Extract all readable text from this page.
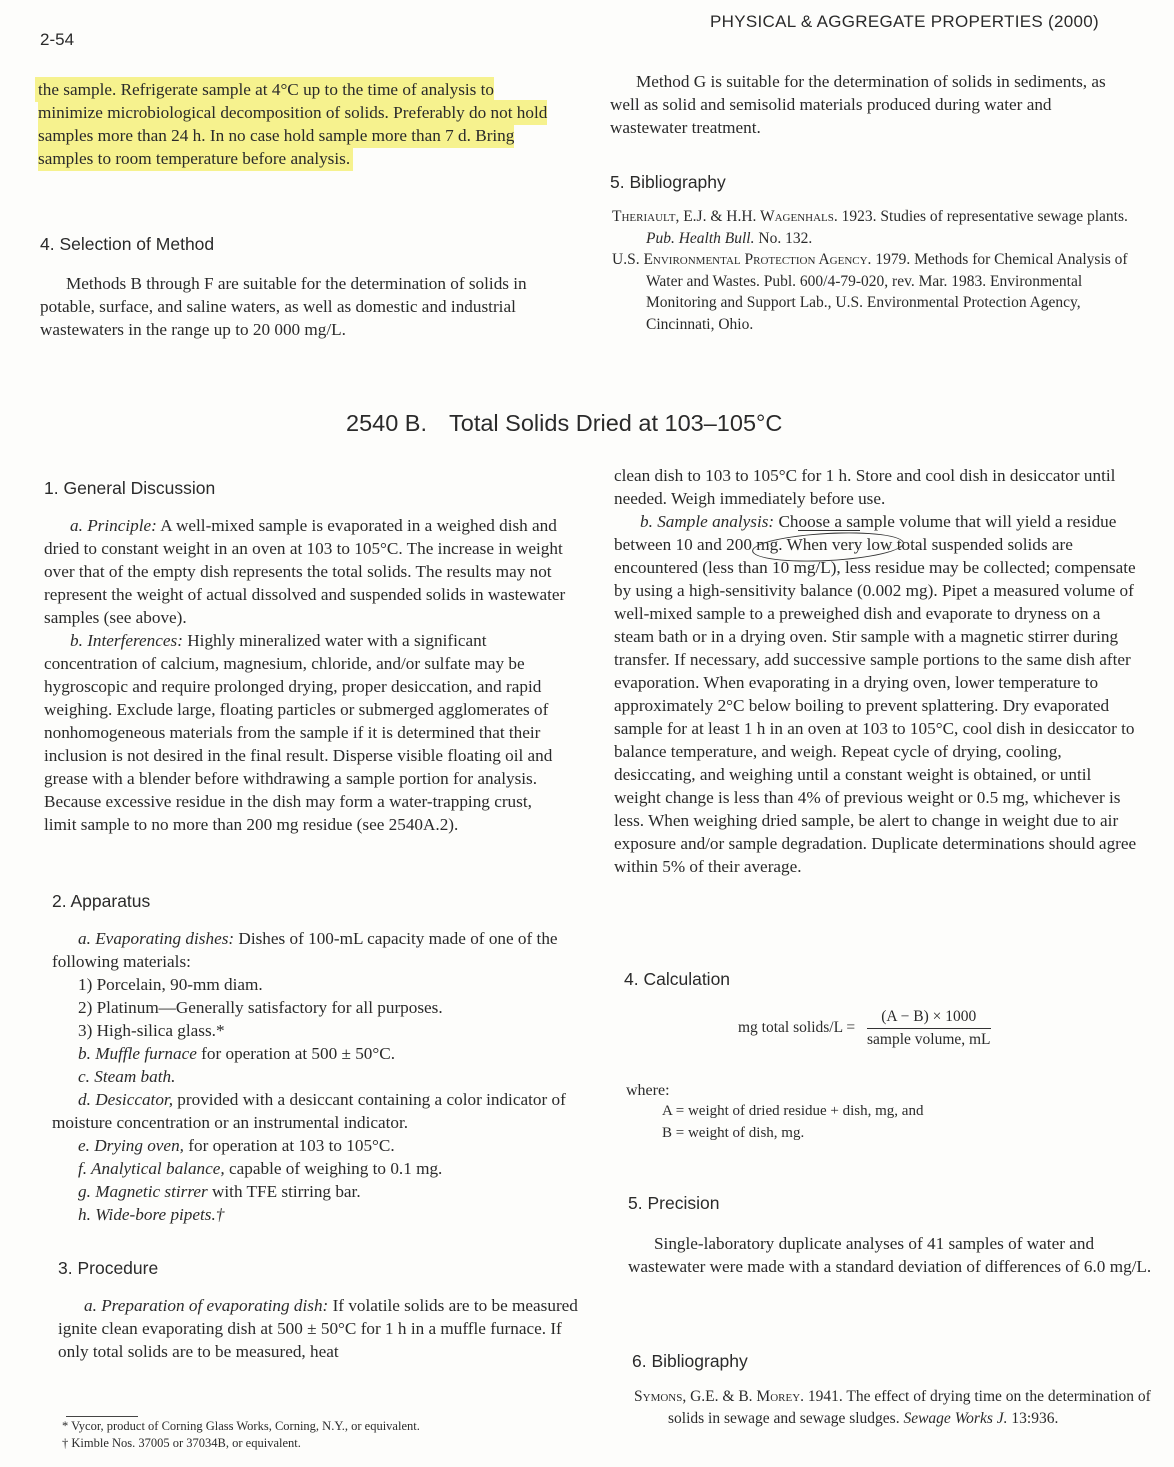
2-54
PHYSICAL & AGGREGATE PROPERTIES (2000)

the sample. Refrigerate sample at 4°C up to the time of analysis to minimize microbiological decomposition of solids. Preferably do not hold samples more than 24 h. In no case hold sample more than 7 d. Bring samples to room temperature before analysis.

4. Selection of Method

Methods B through F are suitable for the determination of solids in potable, surface, and saline waters, as well as domestic and industrial wastewaters in the range up to 20 000 mg/L.

Method G is suitable for the determination of solids in sediments, as well as solid and semisolid materials produced during water and wastewater treatment.

5. Bibliography

Theriault, E.J. & H.H. Wagenhals. 1923. Studies of representative sewage plants. Pub. Health Bull. No. 132.

U.S. Environmental Protection Agency. 1979. Methods for Chemical Analysis of Water and Wastes. Publ. 600/4-79-020, rev. Mar. 1983. Environmental Monitoring and Support Lab., U.S. Environmental Protection Agency, Cincinnati, Ohio.

2540 B. Total Solids Dried at 103–105°C
1. General Discussion

a. Principle: A well-mixed sample is evaporated in a weighed dish and dried to constant weight in an oven at 103 to 105°C. The increase in weight over that of the empty dish represents the total solids. The results may not represent the weight of actual dissolved and suspended solids in wastewater samples (see above).

b. Interferences: Highly mineralized water with a significant concentration of calcium, magnesium, chloride, and/or sulfate may be hygroscopic and require prolonged drying, proper desiccation, and rapid weighing. Exclude large, floating particles or submerged agglomerates of nonhomogeneous materials from the sample if it is determined that their inclusion is not desired in the final result. Disperse visible floating oil and grease with a blender before withdrawing a sample portion for analysis. Because excessive residue in the dish may form a water-trapping crust, limit sample to no more than 200 mg residue (see 2540A.2).

2. Apparatus

a. Evaporating dishes: Dishes of 100-mL capacity made of one of the following materials:

1) Porcelain, 90-mm diam.

2) Platinum—Generally satisfactory for all purposes.

3) High-silica glass.*

b. Muffle furnace for operation at 500 ± 50°C.

c. Steam bath.

d. Desiccator, provided with a desiccant containing a color indicator of moisture concentration or an instrumental indicator.

e. Drying oven, for operation at 103 to 105°C.

f. Analytical balance, capable of weighing to 0.1 mg.

g. Magnetic stirrer with TFE stirring bar.

h. Wide-bore pipets.†

3. Procedure

a. Preparation of evaporating dish: If volatile solids are to be measured ignite clean evaporating dish at 500 ± 50°C for 1 h in a muffle furnace. If only total solids are to be measured, heat

clean dish to 103 to 105°C for 1 h. Store and cool dish in desiccator until needed. Weigh immediately before use.

b. Sample analysis: Choose a sample volume that will yield a residue between 10 and 200 mg. When very low total suspended solids are encountered (less than 10 mg/L), less residue may be collected; compensate by using a high-sensitivity balance (0.002 mg). Pipet a measured volume of well-mixed sample to a preweighed dish and evaporate to dryness on a steam bath or in a drying oven. Stir sample with a magnetic stirrer during transfer. If necessary, add successive sample portions to the same dish after evaporation. When evaporating in a drying oven, lower temperature to approximately 2°C below boiling to prevent splattering. Dry evaporated sample for at least 1 h in an oven at 103 to 105°C, cool dish in desiccator to balance temperature, and weigh. Repeat cycle of drying, cooling, desiccating, and weighing until a constant weight is obtained, or until weight change is less than 4% of previous weight or 0.5 mg, whichever is less. When weighing dried sample, be alert to change in weight due to air exposure and/or sample degradation. Duplicate determinations should agree within 5% of their average.

4. Calculation
mg total solids/L = $\frac{(A - B) \times 1000}{\text{sample volume, mL}}$
where:
A = weight of dried residue + dish, mg, and
B = weight of dish, mg.
5. Precision

Single-laboratory duplicate analyses of 41 samples of water and wastewater were made with a standard deviation of differences of 6.0 mg/L.

6. Bibliography

Symons, G.E. & B. Morey. 1941. The effect of drying time on the determination of solids in sewage and sewage sludges. Sewage Works J. 13:936.

* Vycor, product of Corning Glass Works, Corning, N.Y., or equivalent.
† Kimble Nos. 37005 or 37034B, or equivalent.
